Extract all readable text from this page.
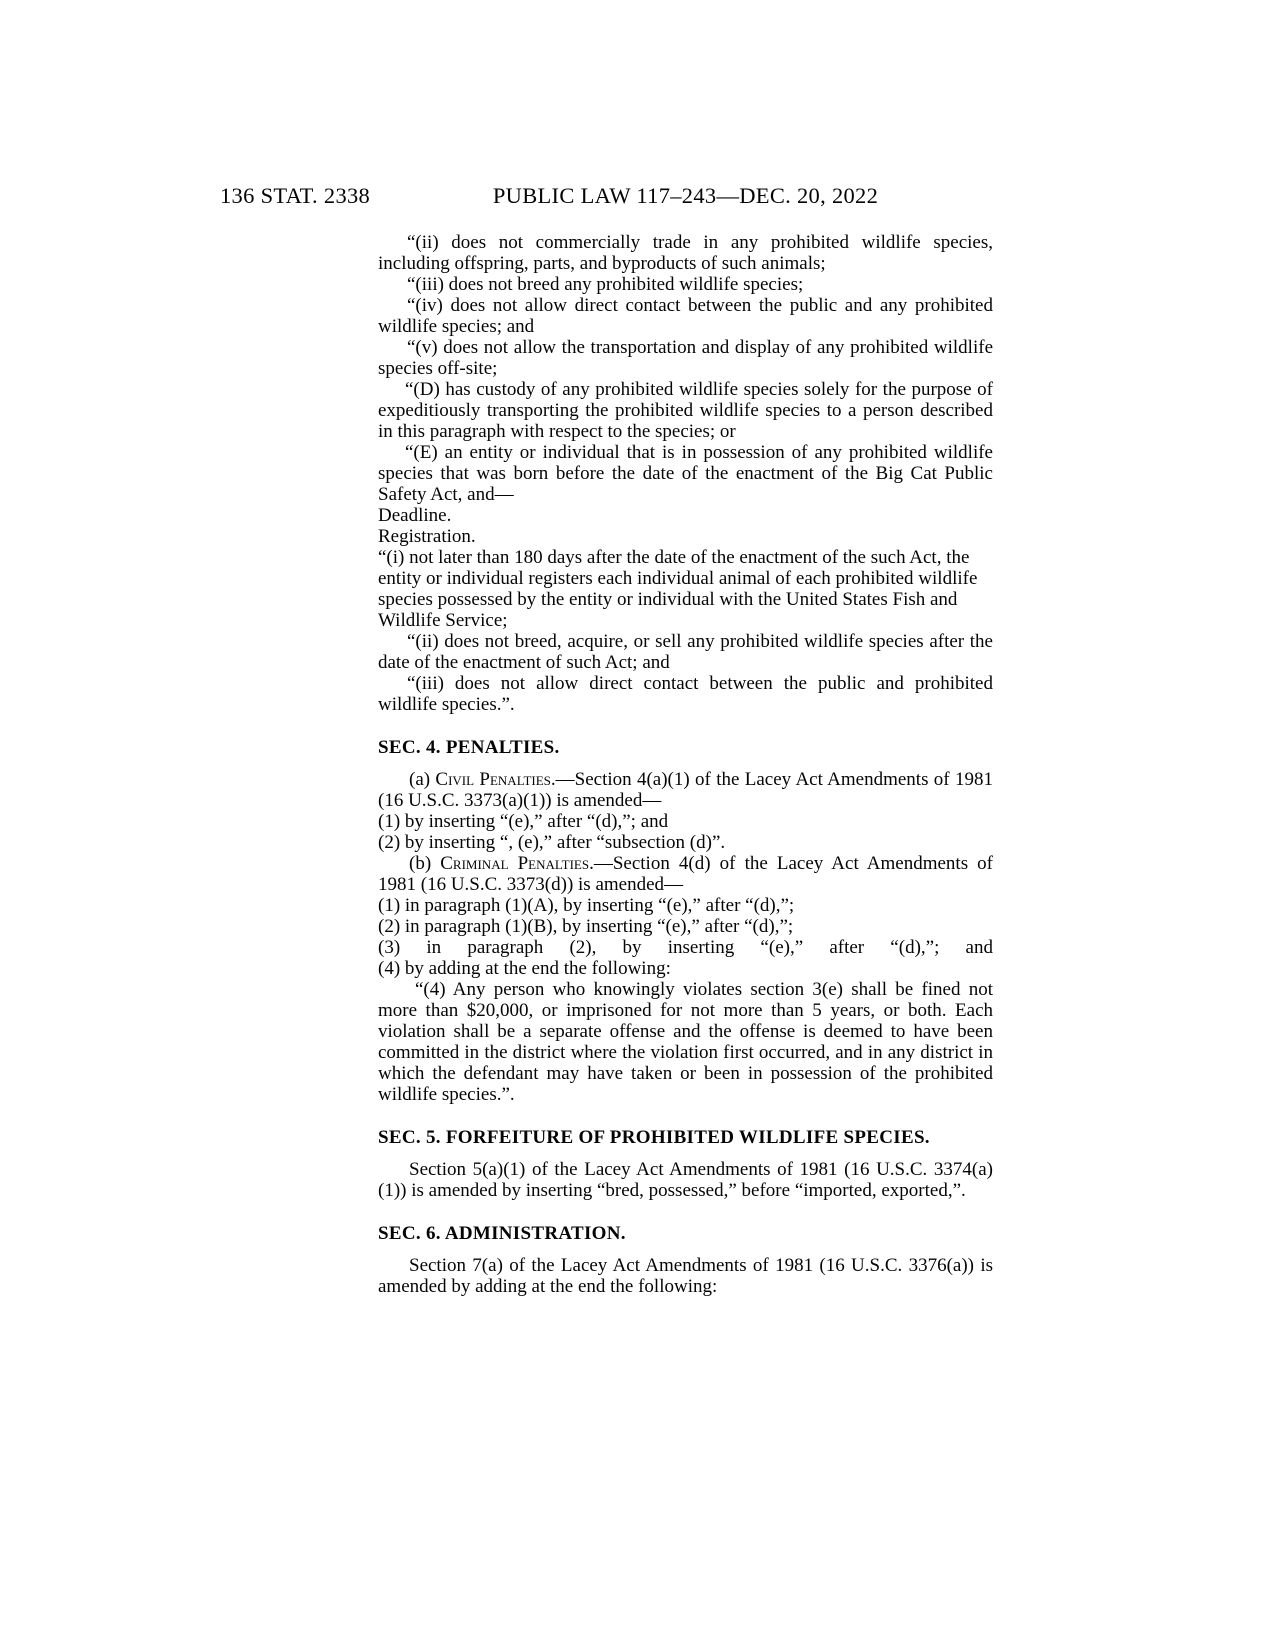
136 STAT. 2338	PUBLIC LAW 117–243—DEC. 20, 2022

“(ii) does not commercially trade in any prohibited wildlife species, including offspring, parts, and byproducts of such animals;

“(iii) does not breed any prohibited wildlife species;

“(iv) does not allow direct contact between the public and any prohibited wildlife species; and

“(v) does not allow the transportation and display of any prohibited wildlife species off-site;

“(D) has custody of any prohibited wildlife species solely for the purpose of expeditiously transporting the prohibited wildlife species to a person described in this paragraph with respect to the species; or

“(E) an entity or individual that is in possession of any prohibited wildlife species that was born before the date of the enactment of the Big Cat Public Safety Act, and—

Deadline.
Registration.
“(i) not later than 180 days after the date of the enactment of the such Act, the entity or individual registers each individual animal of each prohibited wildlife species possessed by the entity or individual with the United States Fish and Wildlife Service;

“(ii) does not breed, acquire, or sell any prohibited wildlife species after the date of the enactment of such Act; and

“(iii) does not allow direct contact between the public and prohibited wildlife species.”.

SEC. 4. PENALTIES.

(a) Civil Penalties.—Section 4(a)(1) of the Lacey Act Amendments of 1981 (16 U.S.C. 3373(a)(1)) is amended—

(1) by inserting “(e),” after “(d),”; and

(2) by inserting “, (e),” after “subsection (d)”.

(b) Criminal Penalties.—Section 4(d) of the Lacey Act Amendments of 1981 (16 U.S.C. 3373(d)) is amended—

(1) in paragraph (1)(A), by inserting “(e),” after “(d),”;

(2) in paragraph (1)(B), by inserting “(e),” after “(d),”;

(3) in paragraph (2), by inserting “(e),” after “(d),”; and

(4) by adding at the end the following:

“(4) Any person who knowingly violates section 3(e) shall be fined not more than $20,000, or imprisoned for not more than 5 years, or both. Each violation shall be a separate offense and the offense is deemed to have been committed in the district where the violation first occurred, and in any district in which the defendant may have taken or been in possession of the prohibited wildlife species.”.

SEC. 5. FORFEITURE OF PROHIBITED WILDLIFE SPECIES.

Section 5(a)(1) of the Lacey Act Amendments of 1981 (16 U.S.C. 3374(a)(1)) is amended by inserting “bred, possessed,” before “imported, exported,”.

SEC. 6. ADMINISTRATION.

Section 7(a) of the Lacey Act Amendments of 1981 (16 U.S.C. 3376(a)) is amended by adding at the end the following:
